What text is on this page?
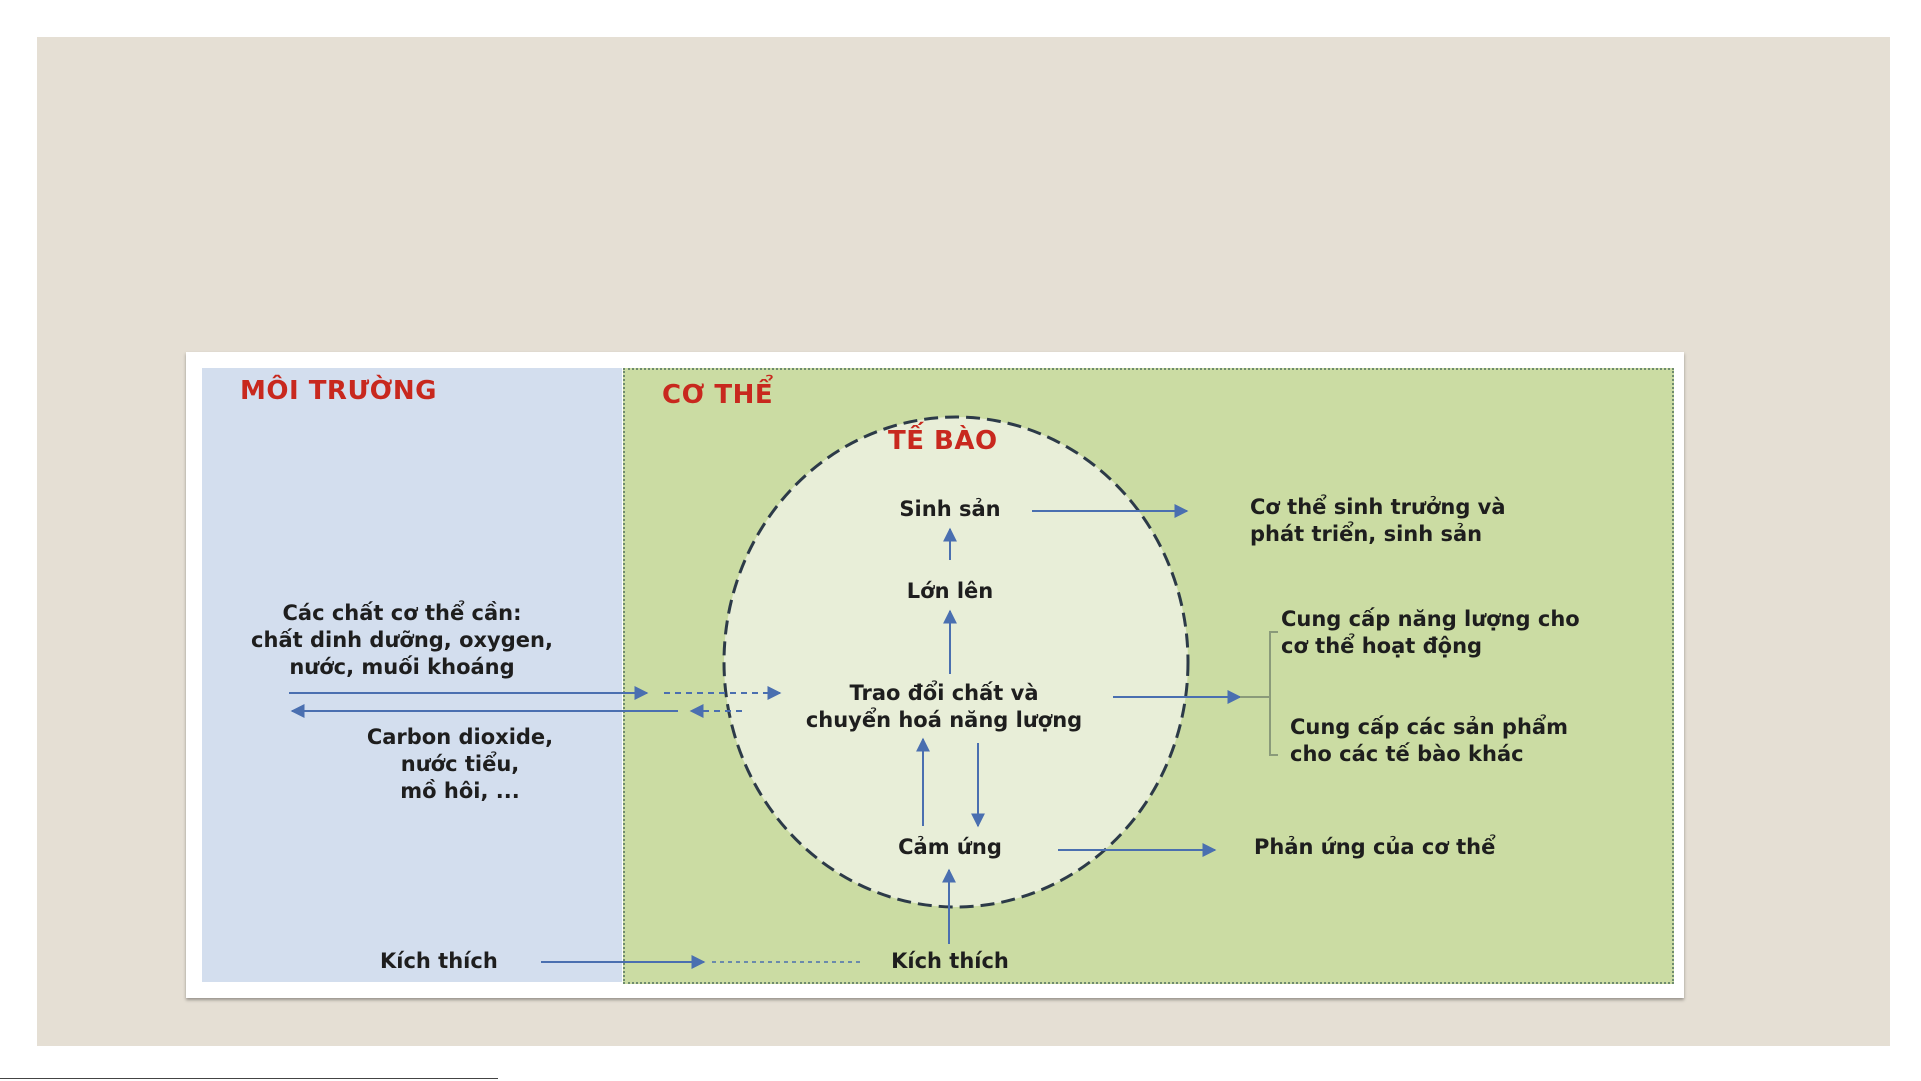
MÔI TRƯỜNG	CƠ THỂ
TẾ BÀO
Sinh sản
Lớn lên
Trao đổi chất và
chuyển hoá năng lượng
Cảm ứng
Kích thích
Các chất cơ thể cần:
chất dinh dưỡng, oxygen,
nước, muối khoáng
Carbon dioxide,
nước tiểu,
mồ hôi, ...
Kích thích
Cơ thể sinh trưởng và
phát triển, sinh sản
Cung cấp năng lượng cho
cơ thể hoạt động
Cung cấp các sản phẩm
cho các tế bào khác
Phản ứng của cơ thể
